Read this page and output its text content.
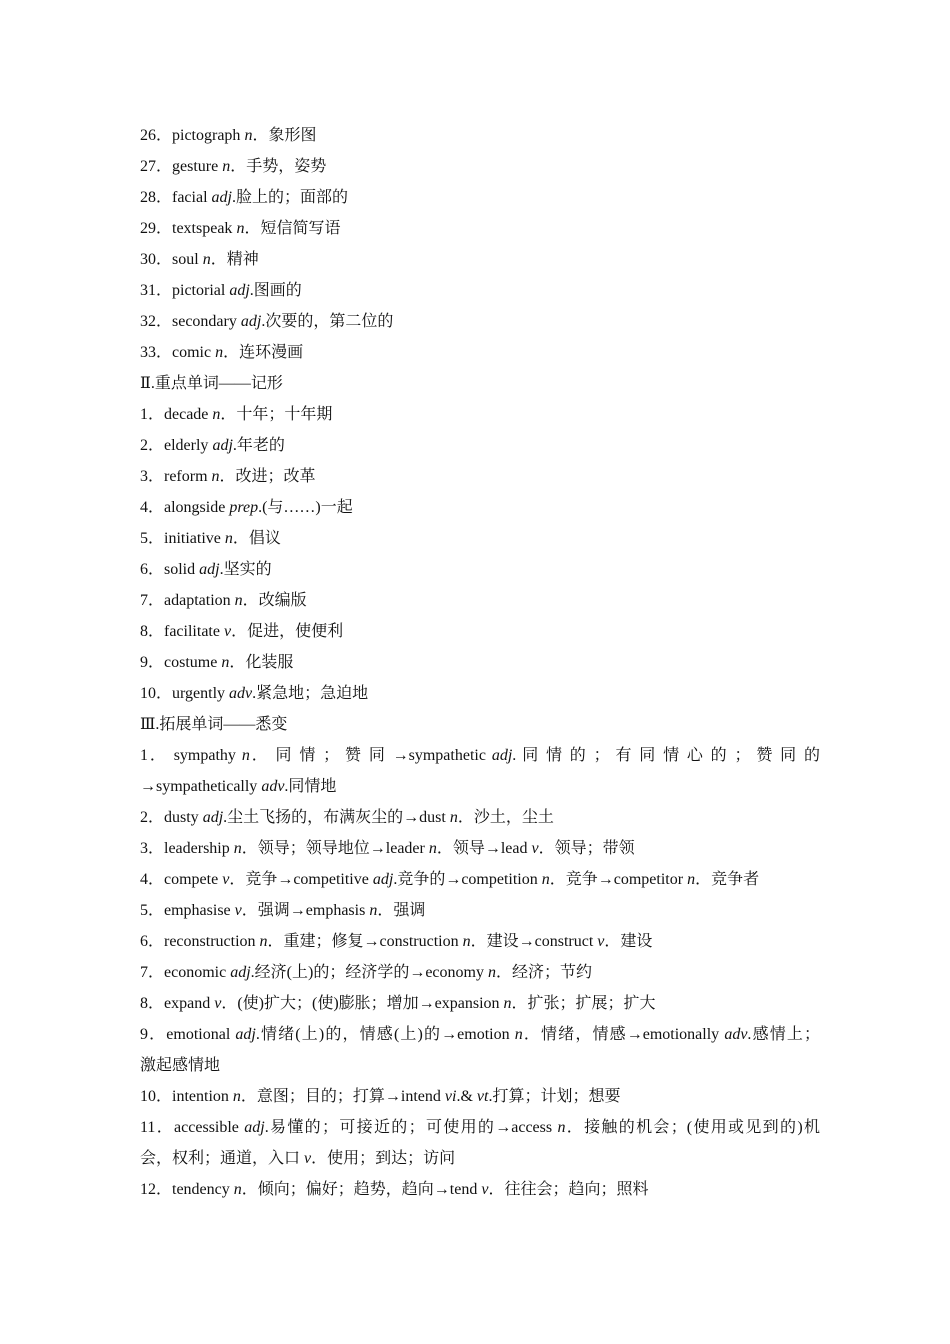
26．pictograph n．象形图
27．gesture n．手势，姿势
28．facial adj.脸上的；面部的
29．textspeak n．短信简写语
30．soul n．精神
31．pictorial adj.图画的
32．secondary adj.次要的，第二位的
33．comic n．连环漫画
Ⅱ.重点单词——记形
1．decade n．十年；十年期
2．elderly adj.年老的
3．reform n．改进；改革
4．alongside prep.(与……)一起
5．initiative n．倡议
6．solid adj.坚实的
7．adaptation n．改编版
8．facilitate v．促进，使便利
9．costume n．化装服
10．urgently adv.紧急地；急迫地
Ⅲ.拓展单词——悉变
1． sympathy n． 同 情 ； 赞 同 →sympathetic adj. 同 情 的 ； 有 同 情 心 的 ； 赞 同 的
→sympathetically adv.同情地
2．dusty adj.尘土飞扬的，布满灰尘的→dust n．沙土，尘土
3．leadership n．领导；领导地位→leader n．领导→lead v．领导；带领
4．compete v．竞争→competitive adj.竞争的→competition n．竞争→competitor n．竞争者
5．emphasise v．强调→emphasis n．强调
6．reconstruction n．重建；修复→construction n．建设→construct v．建设
7．economic adj.经济(上)的；经济学的→economy n．经济；节约
8．expand v．(使)扩大；(使)膨胀；增加→expansion n．扩张；扩展；扩大
9．emotional adj.情绪(上)的，情感(上)的→emotion n．情绪，情感→emotionally adv.感情上；
激起感情地
10．intention n．意图；目的；打算→intend vi.& vt.打算；计划；想要
11．accessible adj.易懂的；可接近的；可使用的→access n．接触的机会；(使用或见到的)机
会，权利；通道，入口 v．使用；到达；访问
12．tendency n．倾向；偏好；趋势，趋向→tend v．往往会；趋向；照料
